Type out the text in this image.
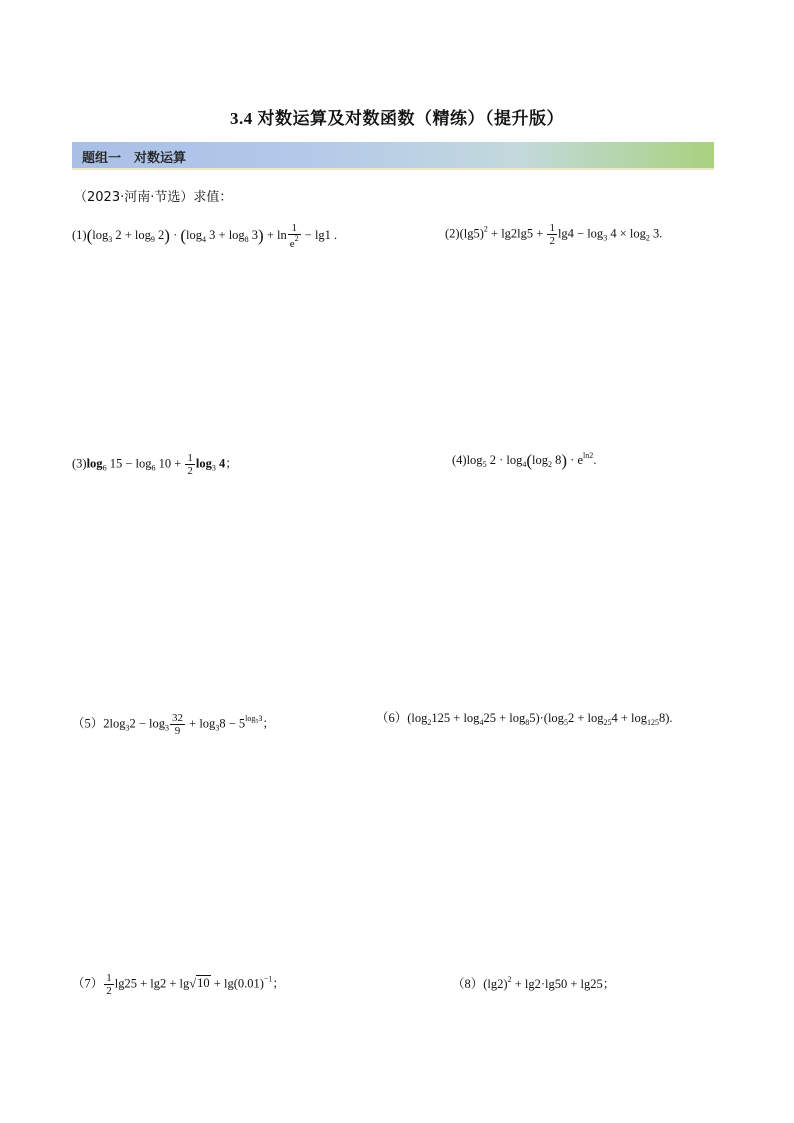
3.4 对数运算及对数函数（精练）（提升版）
题组一　对数运算
（2023·河南·节选）求值：
$(1)(\log_3$ $2 + \log_9 2) \cdot (\log_4$ $3 + \log_8 3) + \ln \frac{1}{e^2} - \lg 1$ .	$(2)(\lg 5)^2 + \lg 2\lg 5 + \frac{1}{2} \lg 4 - \log_3 4 \times \log_2 3$.
$(3)\log_6$ $15 - \log_6 10 + \frac{1}{2} \log_3 4$；	$(4)\log_5$ $2 \cdot \log_4(\log_2$ $8) \cdot e^{ln2}$.
$(5)2\log_32 - \log_3 \frac{32}{9} + \log_38 - 5^{log_53}$；	$(6)(\log_2125 + \log_425 + \log_85)\cdot(\log_52 + \log_{25}4 + \log_{125}8)$.
$(7) \frac{1}{2} \lg 25 + \lg 2 + \lg√10 + \lg(0.01)^{-1}$；	$(8)(\lg 2)^2 + \lg 2\cdot\lg 50 + \lg 25$；
